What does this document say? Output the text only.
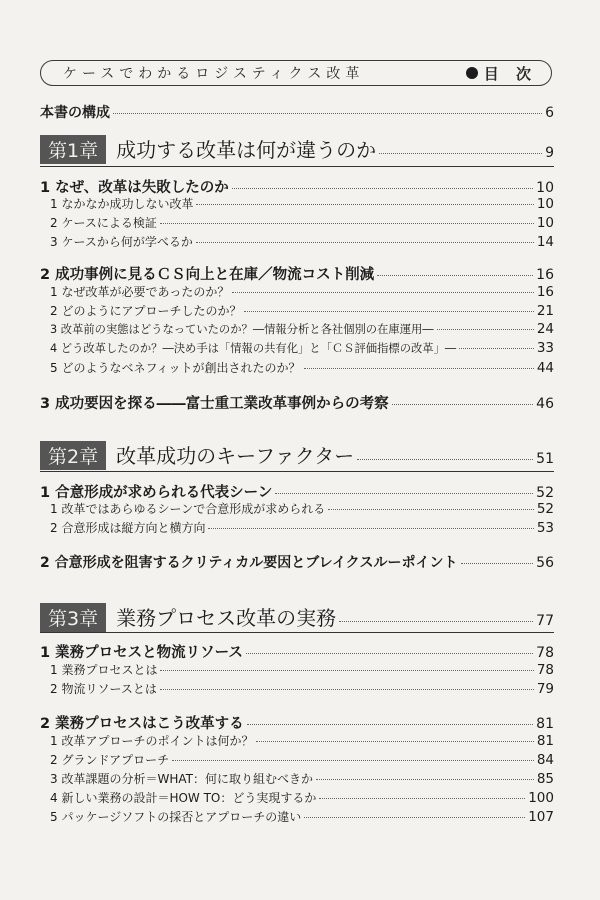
ケースでわかるロジスティクス改革	目 次
本書の構成	6
第1章 成功する改革は何が違うのか	9
1 なぜ、改革は失敗したのか	10
1 なかなか成功しない改革	10
2 ケースによる検証	10
3 ケースから何が学べるか	14
2 成功事例に見るＣＳ向上と在庫／物流コスト削減	16
1 なぜ改革が必要であったのか？	16
2 どのようにアプローチしたのか？	21
3 改革前の実態はどうなっていたのか？―情報分析と各社個別の在庫運用―	24
4 どう改革したのか？―決め手は「情報の共有化」と「ＣＳ評価指標の改革」―	33
5 どのようなベネフィットが創出されたのか？	44
3 成功要因を探る――富士重工業改革事例からの考察	46
第2章 改革成功のキーファクター	51
1 合意形成が求められる代表シーン	52
1 改革ではあらゆるシーンで合意形成が求められる	52
2 合意形成は縦方向と横方向	53
2 合意形成を阻害するクリティカル要因とブレイクスルーポイント	56
第3章 業務プロセス改革の実務	77
1 業務プロセスと物流リソース	78
1 業務プロセスとは	78
2 物流リソースとは	79
2 業務プロセスはこう改革する	81
1 改革アプローチのポイントは何か？	81
2 グランドアプローチ	84
3 改革課題の分析＝WHAT：何に取り組むべきか	85
4 新しい業務の設計＝HOW TO：どう実現するか	100
5 パッケージソフトの採否とアプローチの違い	107
